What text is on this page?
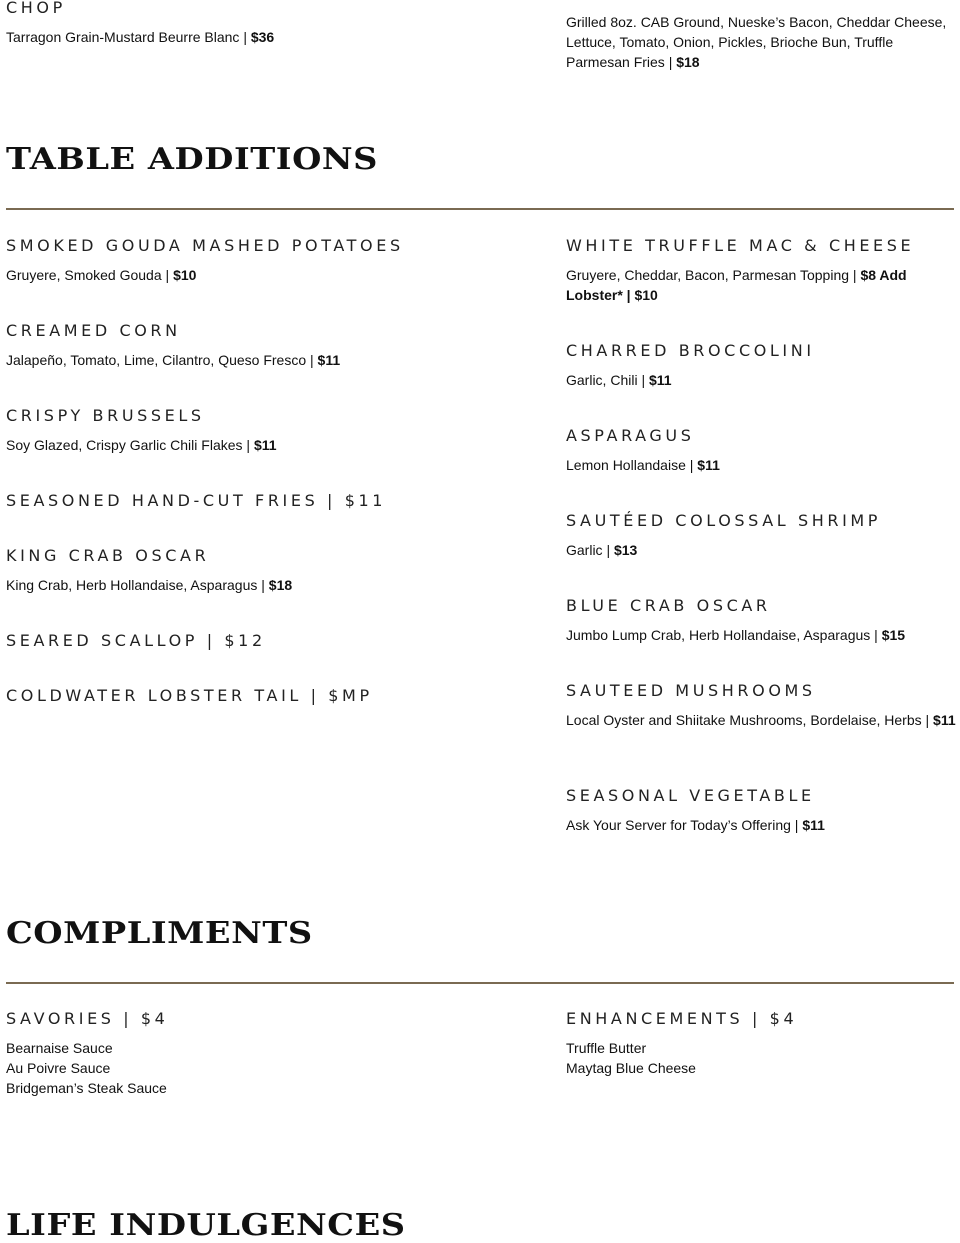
CHOP
Tarragon Grain-Mustard Beurre Blanc | $36
Grilled 8oz. CAB Ground, Nueske’s Bacon, Cheddar Cheese, Lettuce, Tomato, Onion, Pickles, Brioche Bun, Truffle Parmesan Fries | $18
TABLE ADDITIONS
SMOKED GOUDA MASHED POTATOES
Gruyere, Smoked Gouda | $10
CREAMED CORN
Jalapeño, Tomato, Lime, Cilantro, Queso Fresco | $11
CRISPY BRUSSELS
Soy Glazed, Crispy Garlic Chili Flakes | $11
SEASONED HAND-CUT FRIES | $11
KING CRAB OSCAR
King Crab, Herb Hollandaise, Asparagus | $18
SEARED SCALLOP | $12
COLDWATER LOBSTER TAIL | $MP
WHITE TRUFFLE MAC & CHEESE
Gruyere, Cheddar, Bacon, Parmesan Topping | $8 Add Lobster* | $10
CHARRED BROCCOLINI
Garlic, Chili | $11
ASPARAGUS
Lemon Hollandaise | $11
SAUTÉED COLOSSAL SHRIMP
Garlic | $13
BLUE CRAB OSCAR
Jumbo Lump Crab, Herb Hollandaise, Asparagus | $15
SAUTEED MUSHROOMS
Local Oyster and Shiitake Mushrooms, Bordelaise, Herbs | $11
SEASONAL VEGETABLE
Ask Your Server for Today’s Offering | $11
COMPLIMENTS
SAVORIES | $4
Bearnaise Sauce
Au Poivre Sauce
Bridgeman’s Steak Sauce
ENHANCEMENTS | $4
Truffle Butter
Maytag Blue Cheese
LIFE INDULGENCES
